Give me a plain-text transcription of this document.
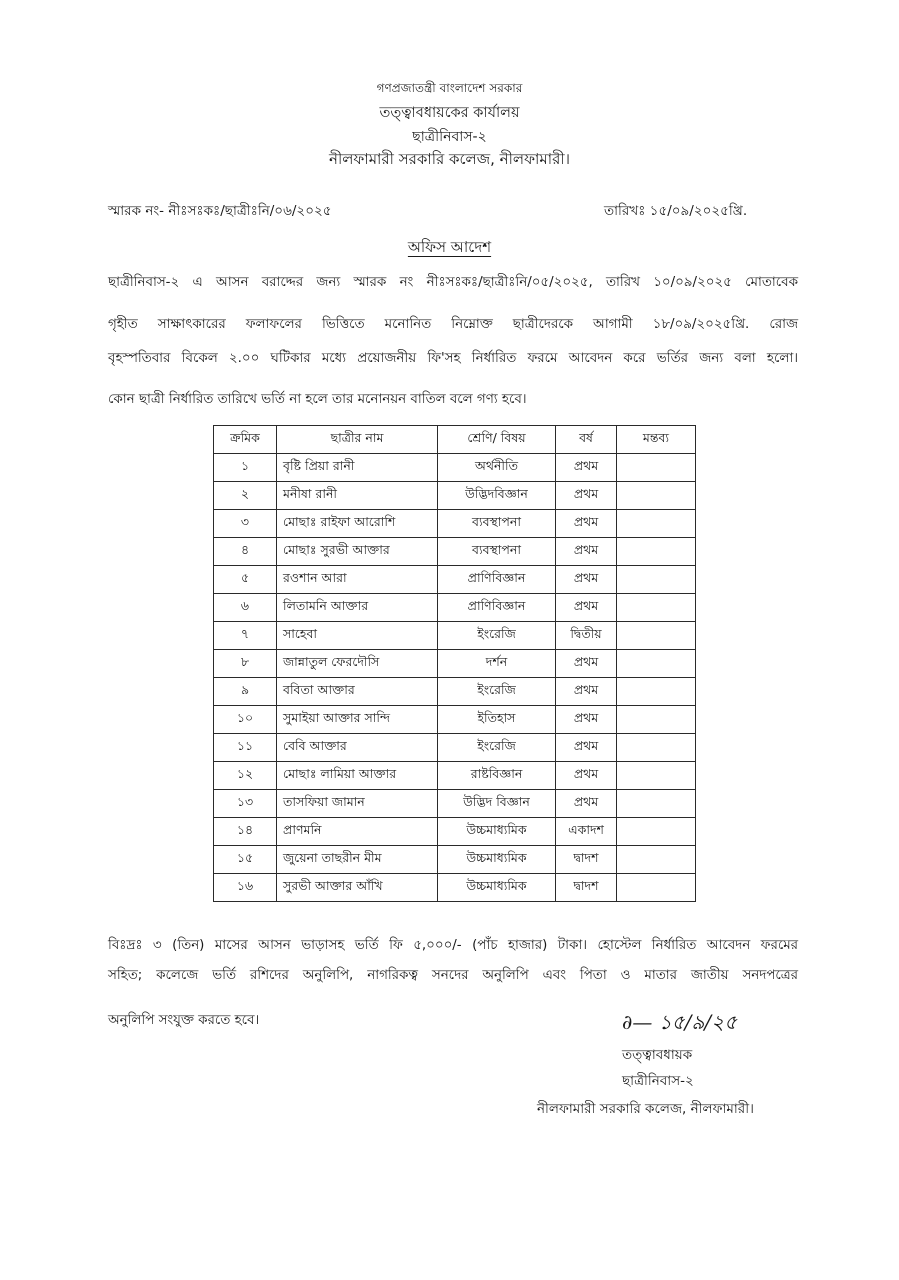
গণপ্রজাতন্ত্রী বাংলাদেশ সরকার
তত্ত্বাবধায়কের কার্যালয়
ছাত্রীনিবাস-২
নীলফামারী সরকারি কলেজ, নীলফামারী।
স্মারক নং- নীঃসঃকঃ/ছাত্রীঃনি/০৬/২০২৫	তারিখঃ ১৫/০৯/২০২৫খ্রি.
অফিস আদেশ
ছাত্রীনিবাস-২ এ আসন বরাদ্দের জন্য স্মারক নং নীঃসঃকঃ/ছাত্রীঃনি/০৫/২০২৫, তারিখ ১০/০৯/২০২৫ মোতাবেক
গৃহীত সাক্ষাৎকারের ফলাফলের ভিত্তিতে মনোনিত নিম্নোক্ত ছাত্রীদেরকে আগামী ১৮/০৯/২০২৫খ্রি. রোজ
বৃহস্পতিবার বিকেল ২.০০ ঘটিকার মধ্যে প্রয়োজনীয় ফি'সহ নির্ধারিত ফরমে আবেদন করে ভর্তির জন্য বলা হলো।
কোন ছাত্রী নির্ধারিত তারিখে ভর্তি না হলে তার মনোনয়ন বাতিল বলে গণ্য হবে।
ক্রমিক	ছাত্রীর নাম	শ্রেণি/ বিষয়	বর্ষ	মন্তব্য
১	বৃষ্টি প্রিয়া রানী	অর্থনীতি	প্রথম	
২	মনীষা রানী	উদ্ভিদবিজ্ঞান	প্রথম	
৩	মোছাঃ রাইফা আরোশি	ব্যবস্থাপনা	প্রথম	
৪	মোছাঃ সুরভী আক্তার	ব্যবস্থাপনা	প্রথম	
৫	রওশান আরা	প্রাণিবিজ্ঞান	প্রথম	
৬	লিতামনি আক্তার	প্রাণিবিজ্ঞান	প্রথম	
৭	সাহেবা	ইংরেজি	দ্বিতীয়	
৮	জান্নাতুল ফেরদৌসি	দর্শন	প্রথম	
৯	ববিতা আক্তার	ইংরেজি	প্রথম	
১০	সুমাইয়া আক্তার সান্দি	ইতিহাস	প্রথম	
১১	বেবি আক্তার	ইংরেজি	প্রথম	
১২	মোছাঃ লামিয়া আক্তার	রাষ্টবিজ্ঞান	প্রথম	
১৩	তাসফিয়া জামান	উদ্ভিদ বিজ্ঞান	প্রথম	
১৪	প্রাণমনি	উচ্চমাধ্যমিক	একাদশ	
১৫	জুয়েনা তাছরীন মীম	উচ্চমাধ্যমিক	দ্বাদশ	
১৬	সুরভী আক্তার আঁখি	উচ্চমাধ্যমিক	দ্বাদশ	
বিঃদ্রঃ ৩ (তিন) মাসের আসন ভাড়াসহ ভর্তি ফি ৫,০০০/- (পাঁচ হাজার) টাকা। হোস্টেল নির্ধারিত আবেদন ফরমের
সহিত; কলেজে ভর্তি রশিদের অনুলিপি, নাগরিকত্ব সনদের অনুলিপি এবং পিতা ও মাতার জাতীয় সনদপত্রের
অনুলিপি সংযুক্ত করতে হবে।	∂— ১৫/৯/২৫
তত্ত্বাবধায়ক
ছাত্রীনিবাস-২
নীলফামারী সরকারি কলেজ, নীলফামারী।
